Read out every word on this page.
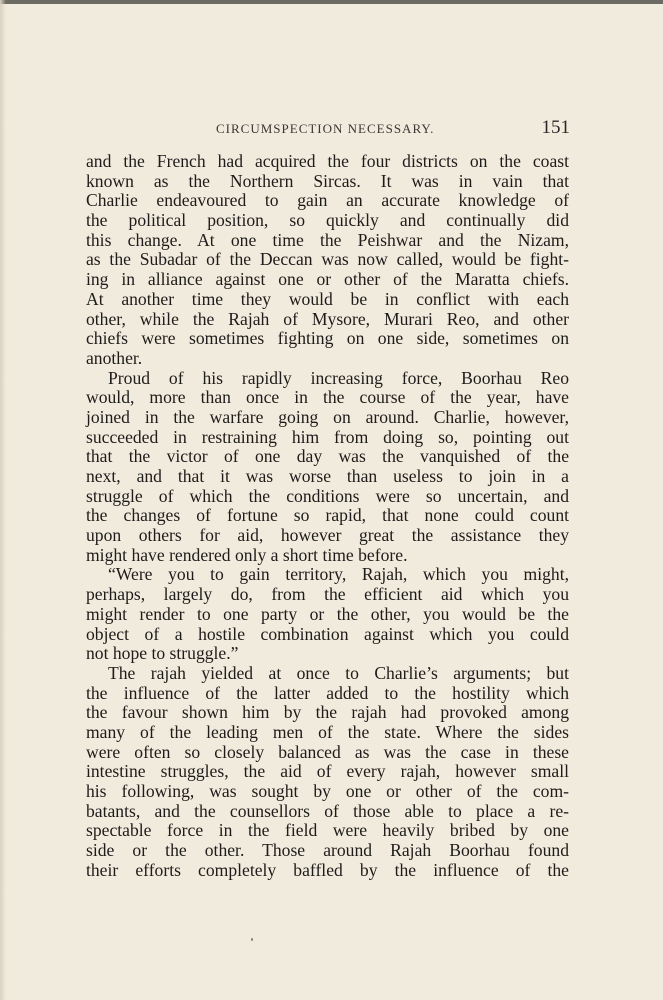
CIRCUMSPECTION NECESSARY.	151
and the French had acquired the four districts on the coast
known as the Northern Sircas. It was in vain that
Charlie endeavoured to gain an accurate knowledge of
the political position, so quickly and continually did
this change. At one time the Peishwar and the Nizam,
as the Subadar of the Deccan was now called, would be fight-
ing in alliance against one or other of the Maratta chiefs.
At another time they would be in conflict with each
other, while the Rajah of Mysore, Murari Reo, and other
chiefs were sometimes fighting on one side, sometimes on
another.
Proud of his rapidly increasing force, Boorhau Reo
would, more than once in the course of the year, have
joined in the warfare going on around. Charlie, however,
succeeded in restraining him from doing so, pointing out
that the victor of one day was the vanquished of the
next, and that it was worse than useless to join in a
struggle of which the conditions were so uncertain, and
the changes of fortune so rapid, that none could count
upon others for aid, however great the assistance they
might have rendered only a short time before.
“Were you to gain territory, Rajah, which you might,
perhaps, largely do, from the efficient aid which you
might render to one party or the other, you would be the
object of a hostile combination against which you could
not hope to struggle.”
The rajah yielded at once to Charlie’s arguments; but
the influence of the latter added to the hostility which
the favour shown him by the rajah had provoked among
many of the leading men of the state. Where the sides
were often so closely balanced as was the case in these
intestine struggles, the aid of every rajah, however small
his following, was sought by one or other of the com-
batants, and the counsellors of those able to place a re-
spectable force in the field were heavily bribed by one
side or the other. Those around Rajah Boorhau found
their efforts completely baffled by the influence of the
